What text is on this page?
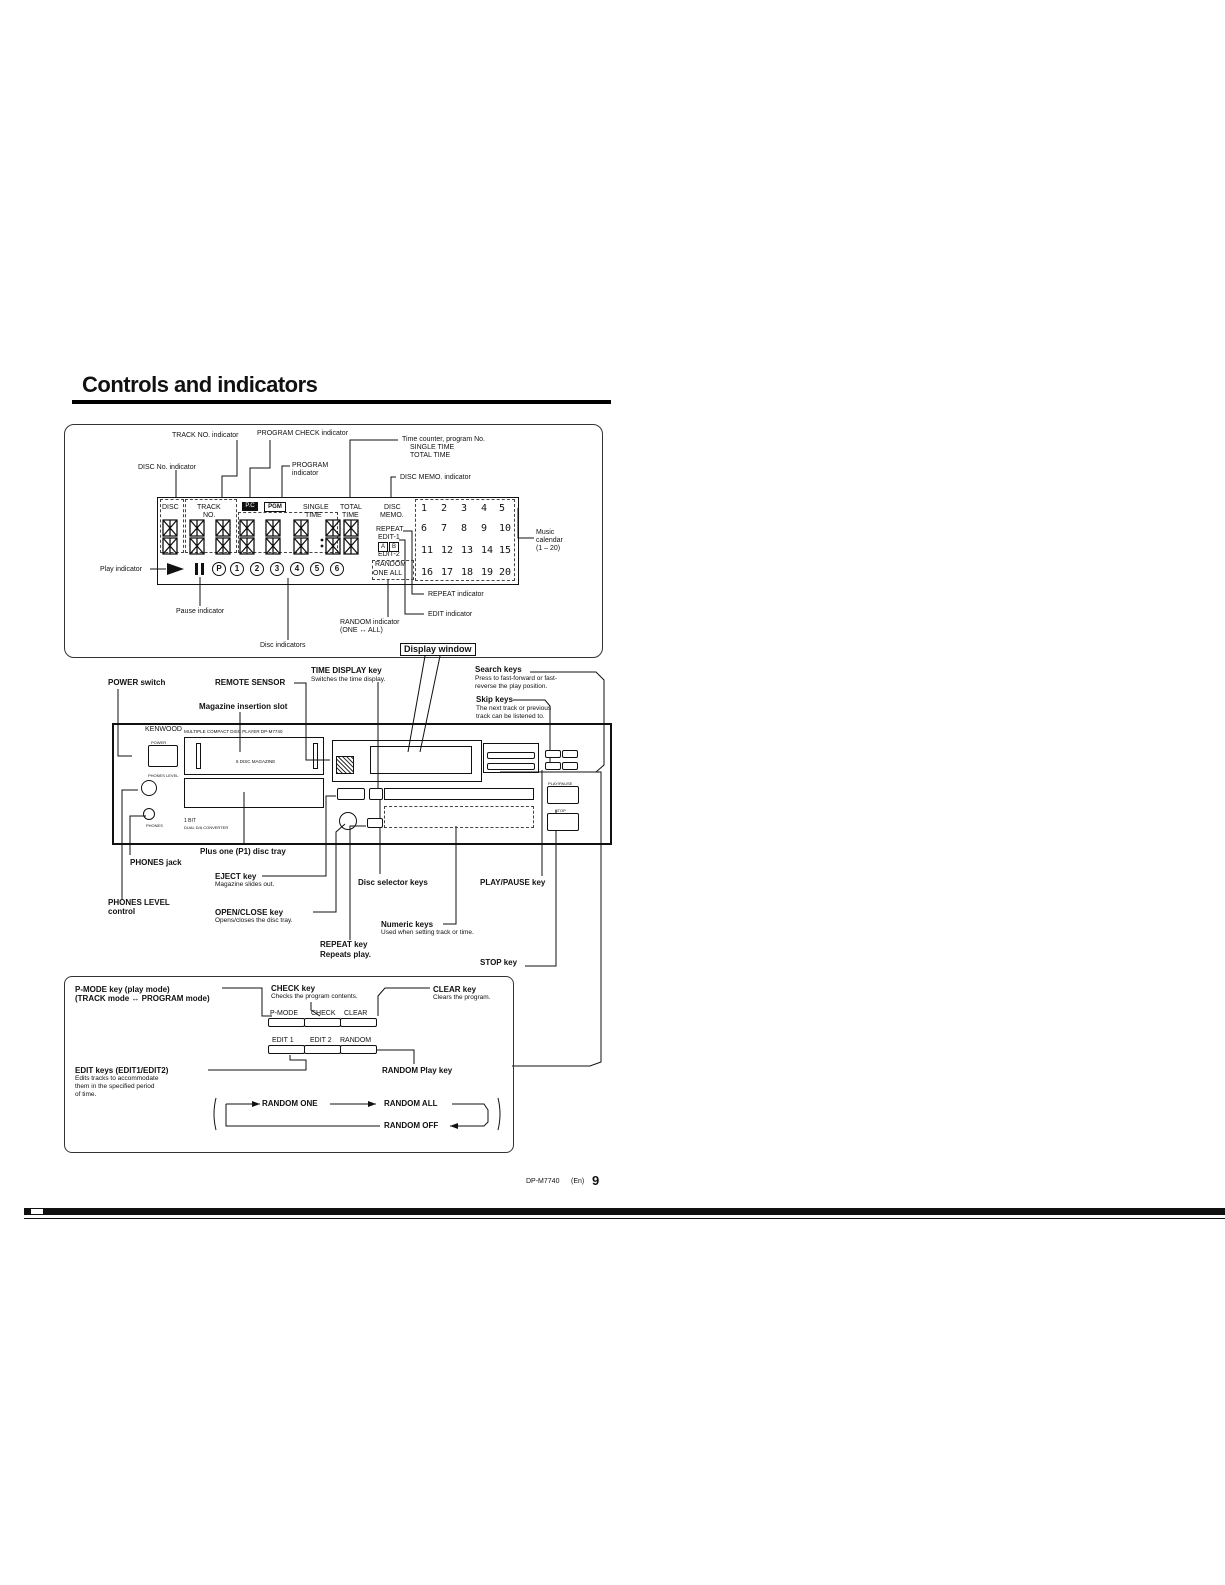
Controls and indicators
TRACK NO. indicator	PROGRAM CHECK indicator
Time counter, program No.
SINGLE TIME
TOTAL TIME
DISC No. indicator	PROGRAM
indicator
DISC MEMO. indicator
Music
calendar
(1 – 20)
Play indicator
Pause indicator
Disc indicators
RANDOM indicator
(ONE ↔ ALL)
REPEAT indicator
EDIT indicator
DISC	TRACK
NO.
P.C	PGM	SINGLE
TIME
TOTAL
TIME
DISC
MEMO.
REPEAT
EDIT-1
A	B
EDIT-2
RANDOM
ONE ALL
P	1	2	3	4	5	6
1 2 3 4 5
6 7 8 9 10
11 12 13 14 15
16 17 18 19 20
Display window
POWER switch	REMOTE SENSOR
TIME DISPLAY key
Switches the time display.
Search keys
Press to fast-forward or fast-
reverse the play position.
Skip keys
The next track or previous
track can be listened to.
Magazine insertion slot
KENWOOD MULTIPLE COMPACT DISC PLAYER DP-M7740
POWER
6 DISC MAGAZINE
PLAY/PAUSE
STOP
PHONES LEVEL
PHONES
1 BIT
DUAL D/A CONVERTER
PHONES jack
Plus one (P1) disc tray
EJECT key
Magazine slides out.	Disc selector keys	PLAY/PAUSE key
PHONES LEVEL
control	OPEN/CLOSE key
Opens/closes the disc tray.	Numeric keys
Used when setting track or time.
REPEAT key
Repeats play.
STOP key
P-MODE key (play mode)
(TRACK mode ↔ PROGRAM mode)
CHECK key
Checks the program contents.
CLEAR key
Clears the program.
P-MODE CHECK CLEAR
EDIT 1 EDIT 2 RANDOM
EDIT keys (EDIT1/EDIT2)
Edits tracks to accommodate
them in the specified period
of time.
RANDOM Play key
RANDOM ONE	RANDOM ALL
RANDOM OFF
DP-M7740 (En) 9
